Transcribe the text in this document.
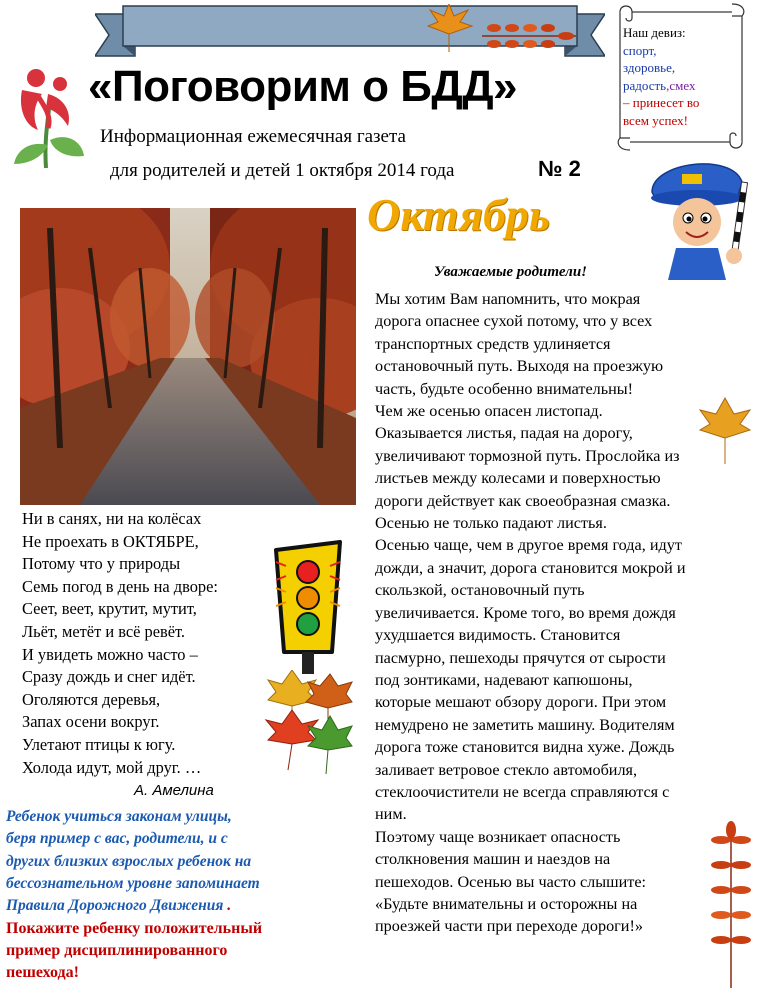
«Поговорим о БДД»
Информационная ежемесячная газета
для родителей и детей 1 октября 2014 года	№ 2
Наш девиз:
спорт,
здоровье,
радость,смех
– принесет во
всем успех!
Октябрь
Уважаемые родители!

Мы хотим Вам напомнить, что мокрая

дорога опаснее сухой потому, что у всех

транспортных средств удлиняется

остановочный путь. Выходя на проезжую

часть, будьте особенно внимательны!

Чем же осенью опасен листопад.

Оказывается листья, падая на дорогу,

увеличивают тормозной путь. Прослойка из

листьев между колесами и поверхностью

дороги действует как своеобразная смазка.

Осенью не только падают листья.

Осенью чаще, чем в другое время года, идут

дожди, а значит, дорога становится мокрой и

скользкой, остановочный путь

увеличивается. Кроме того, во время дождя

ухудшается видимость. Становится

пасмурно, пешеходы прячутся от сырости

под зонтиками, надевают капюшоны,

которые мешают обзору дороги. При этом

немудрено не заметить машину. Водителям

дорога тоже становится видна хуже. Дождь

заливает ветровое стекло автомобиля,

стеклоочистители не всегда справляются с

ним.

Поэтому чаще возникает опасность

столкновения машин и наездов на

пешеходов. Осенью вы часто слышите:

«Будьте внимательны и осторожны на

проезжей части при переходе дороги!»

Ни в санях, ни на колёсах

Не проехать в ОКТЯБРЕ,

Потому что у природы

Семь погод в день на дворе:

Сеет, веет, крутит, мутит,

Льёт, метёт и всё ревёт.

И увидеть можно часто –

Сразу дождь и снег идёт.

Оголяются деревья,

Запах осени вокруг.

Улетают птицы к югу.

Холода идут, мой друг. …

А. Амелина

Ребенок учиться законам улицы,

беря пример с вас, родители, и с

других близких взрослых ребенок на

бессознательном уровне запоминает

Правила Дорожного Движения .

Покажите ребенку положительный

пример дисциплинированного

пешехода!
